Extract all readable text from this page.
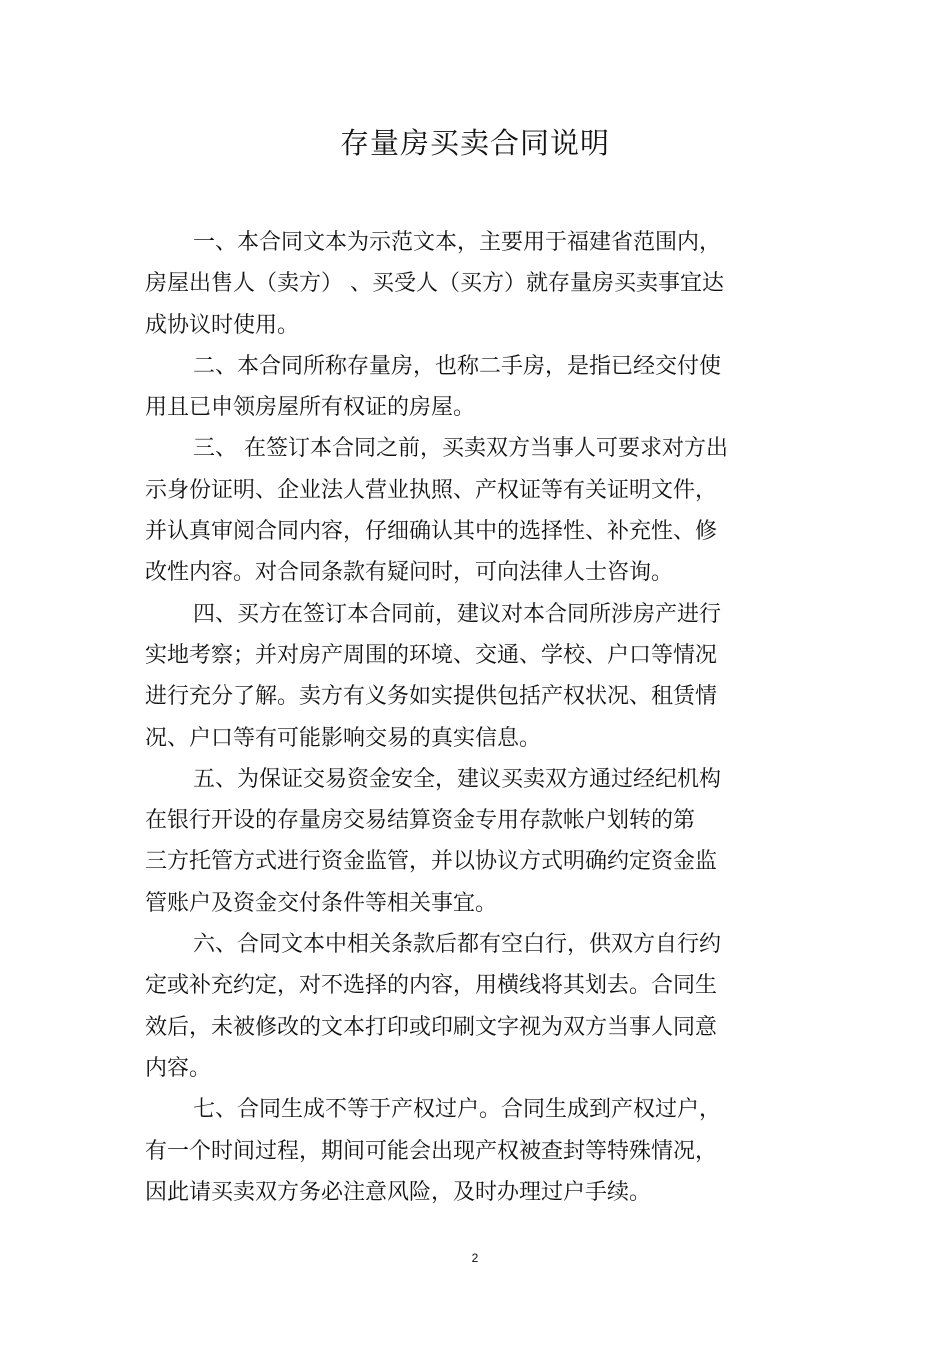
存量房买卖合同说明

一、本合同文本为示范文本，主要用于福建省范围内，
房屋出售人（卖方） 、买受人（买方）就存量房买卖事宜达
成协议时使用。

二、本合同所称存量房，也称二手房，是指已经交付使
用且已申领房屋所有权证的房屋。

三、 在签订本合同之前，买卖双方当事人可要求对方出
示身份证明、企业法人营业执照、产权证等有关证明文件，
并认真审阅合同内容，仔细确认其中的选择性、补充性、修
改性内容。对合同条款有疑问时，可向法律人士咨询。

四、买方在签订本合同前，建议对本合同所涉房产进行
实地考察；并对房产周围的环境、交通、学校、户口等情况
进行充分了解。卖方有义务如实提供包括产权状况、租赁情
况、户口等有可能影响交易的真实信息。

五、为保证交易资金安全，建议买卖双方通过经纪机构
在银行开设的存量房交易结算资金专用存款帐户划转的第
三方托管方式进行资金监管，并以协议方式明确约定资金监
管账户及资金交付条件等相关事宜。

六、合同文本中相关条款后都有空白行，供双方自行约
定或补充约定，对不选择的内容，用横线将其划去。合同生
效后，未被修改的文本打印或印刷文字视为双方当事人同意
内容。

七、合同生成不等于产权过户。合同生成到产权过户，
有一个时间过程，期间可能会出现产权被查封等特殊情况，
因此请买卖双方务必注意风险，及时办理过户手续。

2
